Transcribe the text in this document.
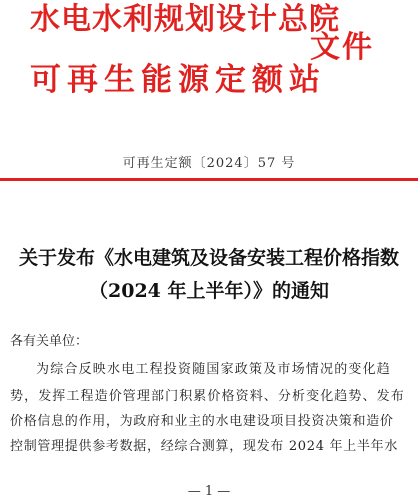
水电水利规划设计总院
可再生能源定额站
文件
可再生定额〔2024〕57 号
关于发布《水电建筑及设备安装工程价格指数
（2024 年上半年）》的通知
各有关单位：
为综合反映水电工程投资随国家政策及市场情况的变化趋
势，发挥工程造价管理部门积累价格资料、分析变化趋势、发布
价格信息的作用，为政府和业主的水电建设项目投资决策和造价
控制管理提供参考数据，经综合测算，现发布 2024 年上半年水
— 1 —
